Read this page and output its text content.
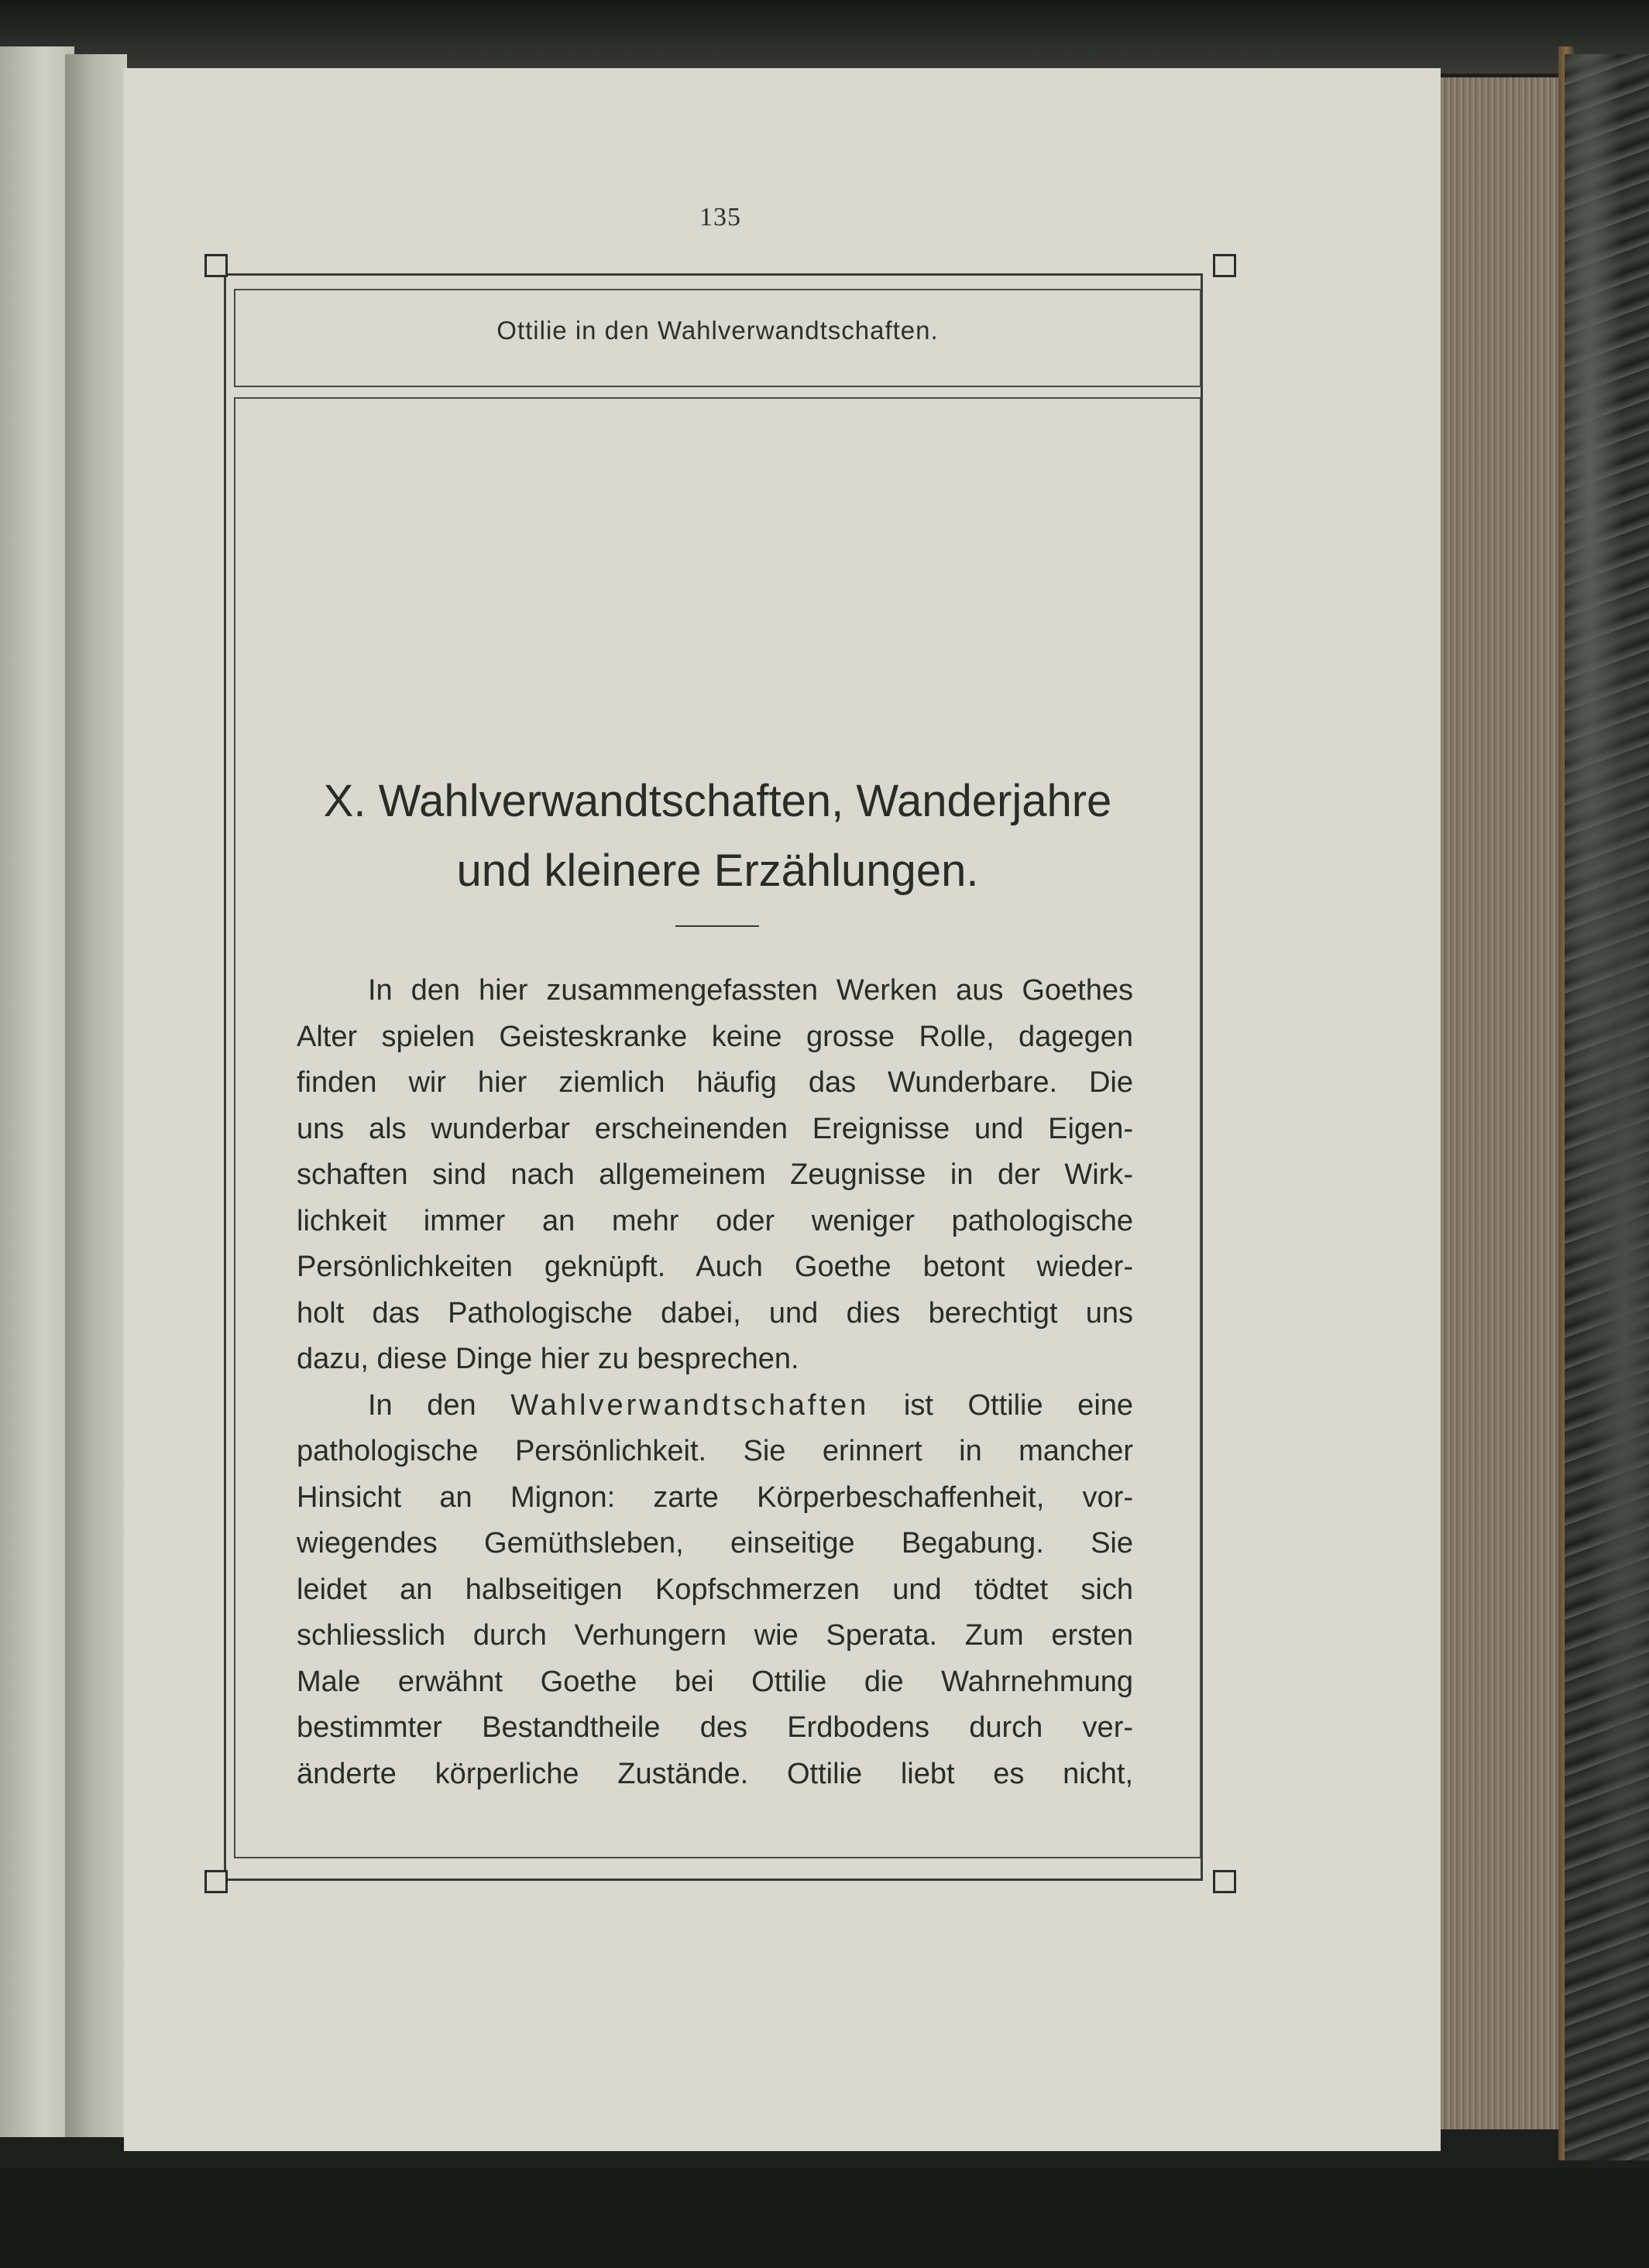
135
Ottilie in den Wahlverwandtschaften.
X. Wahlverwandtschaften, Wanderjahre
und kleinere Erzählungen.
In den hier zusammengefassten Werken aus Goethes
Alter spielen Geisteskranke keine grosse Rolle, dagegen
finden wir hier ziemlich häufig das Wunderbare. Die
uns als wunderbar erscheinenden Ereignisse und Eigen-
schaften sind nach allgemeinem Zeugnisse in der Wirk-
lichkeit immer an mehr oder weniger pathologische
Persönlichkeiten geknüpft. Auch Goethe betont wieder-
holt das Pathologische dabei, und dies berechtigt uns
dazu, diese Dinge hier zu besprechen.
In den Wahlverwandtschaften ist Ottilie eine
pathologische Persönlichkeit. Sie erinnert in mancher
Hinsicht an Mignon: zarte Körperbeschaffenheit, vor-
wiegendes Gemüthsleben, einseitige Begabung. Sie
leidet an halbseitigen Kopfschmerzen und tödtet sich
schliesslich durch Verhungern wie Sperata. Zum ersten
Male erwähnt Goethe bei Ottilie die Wahrnehmung
bestimmter Bestandtheile des Erdbodens durch ver-
änderte körperliche Zustände. Ottilie liebt es nicht,
